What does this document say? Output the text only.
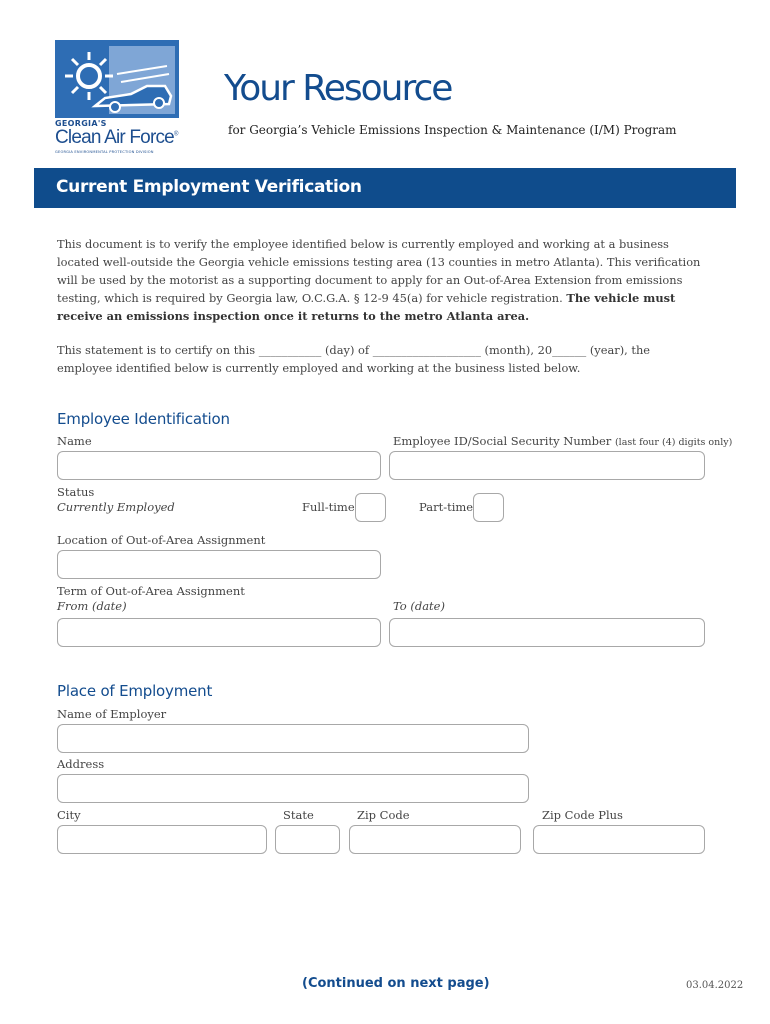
GEORGIA'S
Clean Air Force®
GEORGIA ENVIRONMENTAL PROTECTION DIVISION
Your Resource
for Georgia’s Vehicle Emissions Inspection & Maintenance (I/M) Program
Current Employment Verification
This document is to verify the employee identified below is currently employed and working at a business located well-outside the Georgia vehicle emissions testing area (13 counties in metro Atlanta). This verification will be used by the motorist as a supporting document to apply for an Out-of-Area Extension from emissions testing, which is required by Georgia law, O.C.G.A. § 12-9 45(a) for vehicle registration. The vehicle must receive an emissions inspection once it returns to the metro Atlanta area.
This statement is to certify on this ___________ (day) of ___________________ (month), 20______ (year), the employee identified below is currently employed and working at the business listed below.
Employee Identification
Name	Employee ID/Social Security Number (last four (4) digits only)
Status
Currently Employed	Full-time	Part-time
Location of Out-of-Area Assignment
Term of Out-of-Area Assignment
From (date)	To (date)
Place of Employment
Name of Employer
Address
City	State	Zip Code	Zip Code Plus
(Continued on next page)	03.04.2022
